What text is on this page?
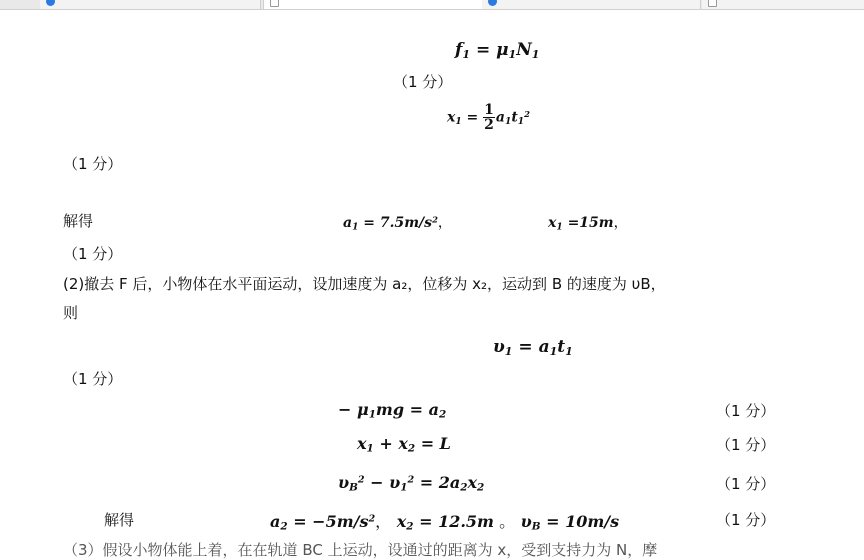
$f_1 = \mu_1N_1$
（1 分）
$x_1 = \frac{1}{2} a_1t_1^2$
（1 分）
解得	$a_1 = 7.5m/s^2$，	$x_1 =15m$，
（1 分）
(2)撤去 F 后，小物体在水平面运动，设加速度为 a₂，位移为 x₂，运动到 B 的速度为 υB，
则
$\upsilon_1 = a_1t_1$
（1 分）
− $\mu_1mg = a_2$	（1 分）
$x_1 + x_2 = L$	（1 分）
$\upsilon_B^2 - \upsilon_1^2 = 2a_2x_2$	（1 分）
解得	$a_2 = -5m/s^2$， $x_2 = 12.5m$ 。 $\upsilon_B = 10m/s$	（1 分）
（3）假设小物体能上着，在在轨道 BC 上运动，设通过的距离为 x，受到支持力为 N，摩
